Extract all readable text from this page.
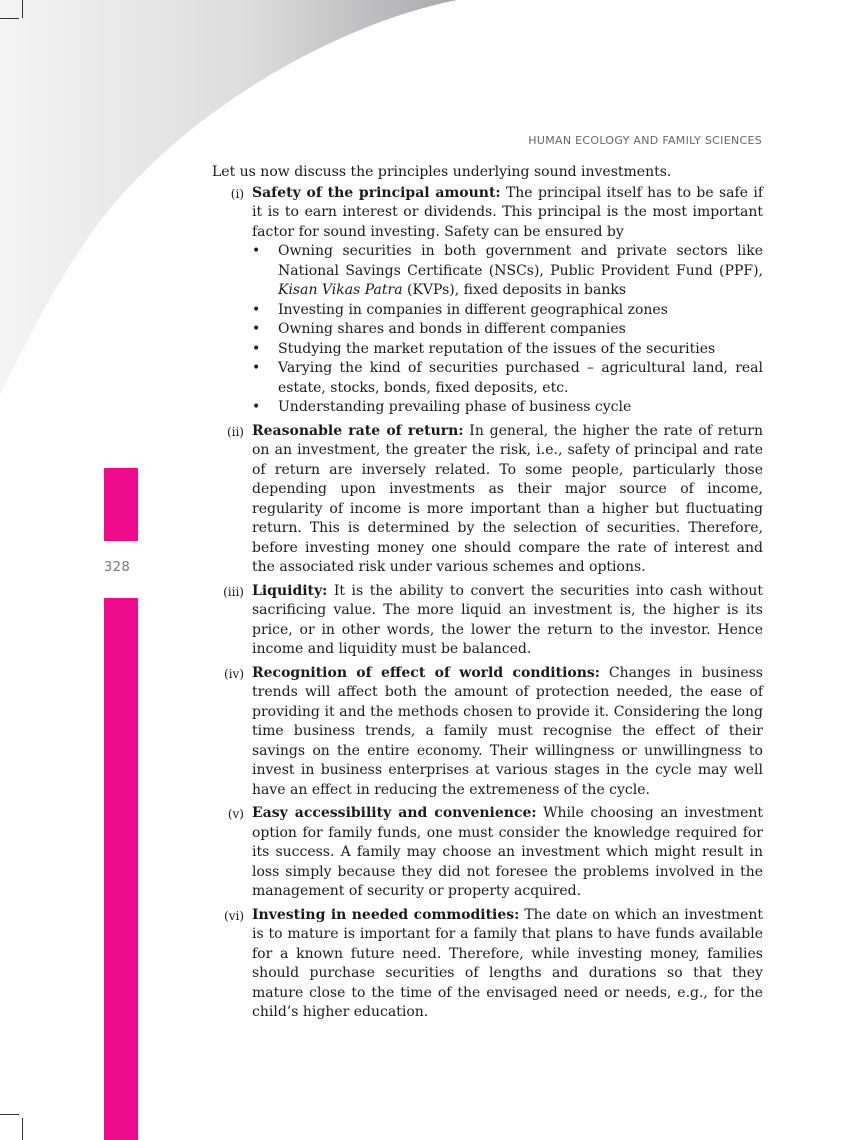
328
HUMAN ECOLOGY AND FAMILY SCIENCES

Let us now discuss the principles underlying sound investments.

(i) Safety of the principal amount: The principal itself has to be safe if it is to earn interest or dividends. This principal is the most important factor for sound investing. Safety can be ensured by
•	Owning securities in both government and private sectors like National Savings Certificate (NSCs), Public Provident Fund (PPF), Kisan Vikas Patra (KVPs), fixed deposits in banks
•	Investing in companies in different geographical zones
•	Owning shares and bonds in different companies
•	Studying the market reputation of the issues of the securities
•	Varying the kind of securities purchased – agricultural land, real estate, stocks, bonds, fixed deposits, etc.
•	Understanding prevailing phase of business cycle
(ii) Reasonable rate of return: In general, the higher the rate of return on an investment, the greater the risk, i.e., safety of principal and rate of return are inversely related. To some people, particularly those depending upon investments as their major source of income, regularity of income is more important than a higher but fluctuating return. This is determined by the selection of securities. Therefore, before investing money one should compare the rate of interest and the associated risk under various schemes and options.
(iii) Liquidity: It is the ability to convert the securities into cash without sacrificing value. The more liquid an investment is, the higher is its price, or in other words, the lower the return to the investor. Hence income and liquidity must be balanced.
(iv) Recognition of effect of world conditions: Changes in business trends will affect both the amount of protection needed, the ease of providing it and the methods chosen to provide it. Considering the long time business trends, a family must recognise the effect of their savings on the entire economy. Their willingness or unwillingness to invest in business enterprises at various stages in the cycle may well have an effect in reducing the extremeness of the cycle.
(v) Easy accessibility and convenience: While choosing an investment option for family funds, one must consider the knowledge required for its success. A family may choose an investment which might result in loss simply because they did not foresee the problems involved in the management of security or property acquired.
(vi) Investing in needed commodities: The date on which an investment is to mature is important for a family that plans to have funds available for a known future need. Therefore, while investing money, families should purchase securities of lengths and durations so that they mature close to the time of the envisaged need or needs, e.g., for the child’s higher education.
